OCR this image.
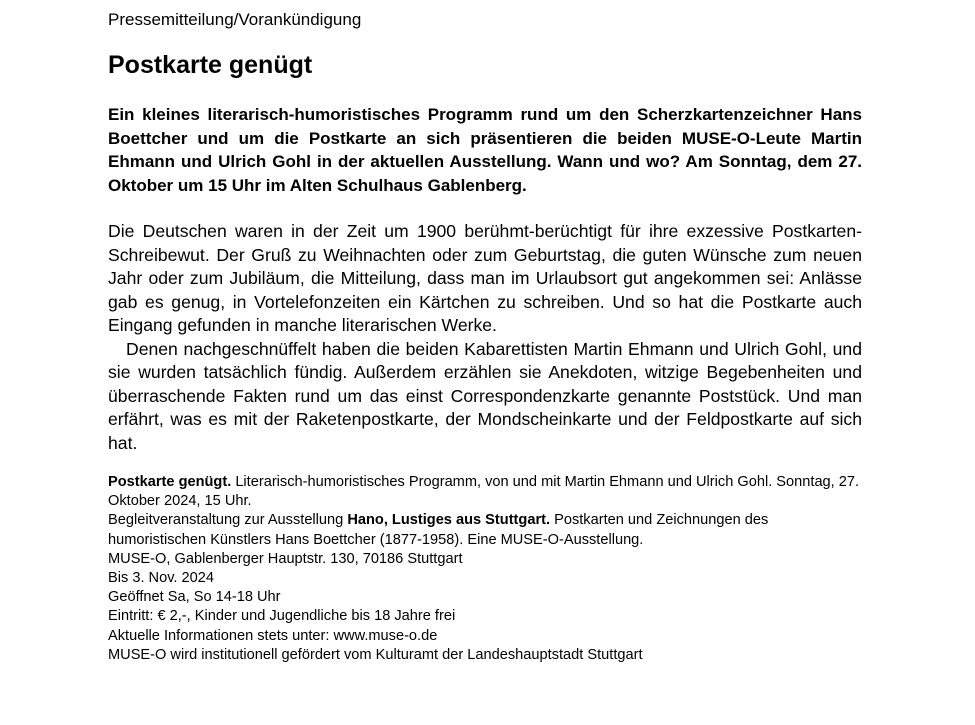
Pressemitteilung/Vorankündigung

Postkarte genügt

Ein kleines literarisch-humoristisches Programm rund um den Scherzkartenzeichner Hans Boettcher und um die Postkarte an sich präsentieren die beiden MUSE-O-Leute Martin Ehmann und Ulrich Gohl in der aktuellen Ausstellung. Wann und wo? Am Sonntag, dem 27. Oktober um 15 Uhr im Alten Schulhaus Gablenberg.

Die Deutschen waren in der Zeit um 1900 berühmt-berüchtigt für ihre exzessive Postkarten-Schreibewut. Der Gruß zu Weihnachten oder zum Geburtstag, die guten Wünsche zum neuen Jahr oder zum Jubiläum, die Mitteilung, dass man im Urlaubsort gut angekommen sei: Anlässe gab es genug, in Vortelefonzeiten ein Kärtchen zu schreiben. Und so hat die Postkarte auch Eingang gefunden in manche literarischen Werke.

Denen nachgeschnüffelt haben die beiden Kabarettisten Martin Ehmann und Ulrich Gohl, und sie wurden tatsächlich fündig. Außerdem erzählen sie Anekdoten, witzige Begebenheiten und überraschende Fakten rund um das einst Correspondenzkarte genannte Poststück. Und man erfährt, was es mit der Raketenpostkarte, der Mondscheinkarte und der Feldpostkarte auf sich hat.

Postkarte genügt. Literarisch-humoristisches Programm, von und mit Martin Ehmann und Ulrich Gohl. Sonntag, 27. Oktober 2024, 15 Uhr.
Begleitveranstaltung zur Ausstellung Hano, Lustiges aus Stuttgart. Postkarten und Zeichnungen des humoristischen Künstlers Hans Boettcher (1877-1958). Eine MUSE-O-Ausstellung.
MUSE-O, Gablenberger Hauptstr. 130, 70186 Stuttgart
Bis 3. Nov. 2024
Geöffnet Sa, So 14-18 Uhr
Eintritt: € 2,-, Kinder und Jugendliche bis 18 Jahre frei
Aktuelle Informationen stets unter: www.muse-o.de
MUSE-O wird institutionell gefördert vom Kulturamt der Landeshauptstadt Stuttgart
